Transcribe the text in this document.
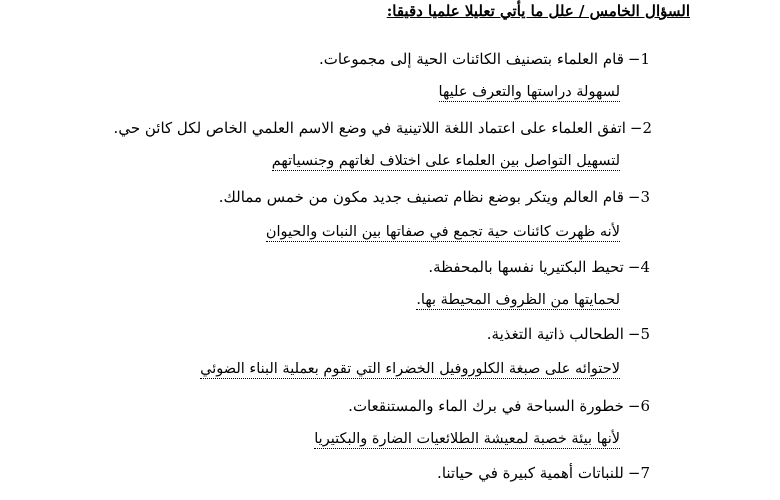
السؤال الخامس / علل ما يأتي تعليلا علميا دقيقا:
1−قام العلماء بتصنيف الكائنات الحية إلى مجموعات.
لسهولة دراستها والتعرف عليها
2−اتفق العلماء على اعتماد اللغة اللاتينية في وضع الاسم العلمي الخاص لكل كائن حي.
لتسهيل التواصل بين العلماء على اختلاف لغاتهم وجنسياتهم
3−قام العالم ويتكر بوضع نظام تصنيف جديد مكون من خمس ممالك.
لأنه ظهرت كائنات حية تجمع في صفاتها بين النبات والحيوان
4−تحيط البكتيريا نفسها بالمحفظة.
لحمايتها من الظروف المحيطة بها.
5−الطحالب ذاتية التغذية.
لاحتوائه على صبغة الكلوروفيل الخضراء التي تقوم بعملية البناء الضوئي
6−خطورة السباحة في برك الماء والمستنقعات.
لأنها بيئة خصبة لمعيشة الطلائعيات الضارة والبكتيريا
7−للنباتات أهمية كبيرة في حياتنا.
